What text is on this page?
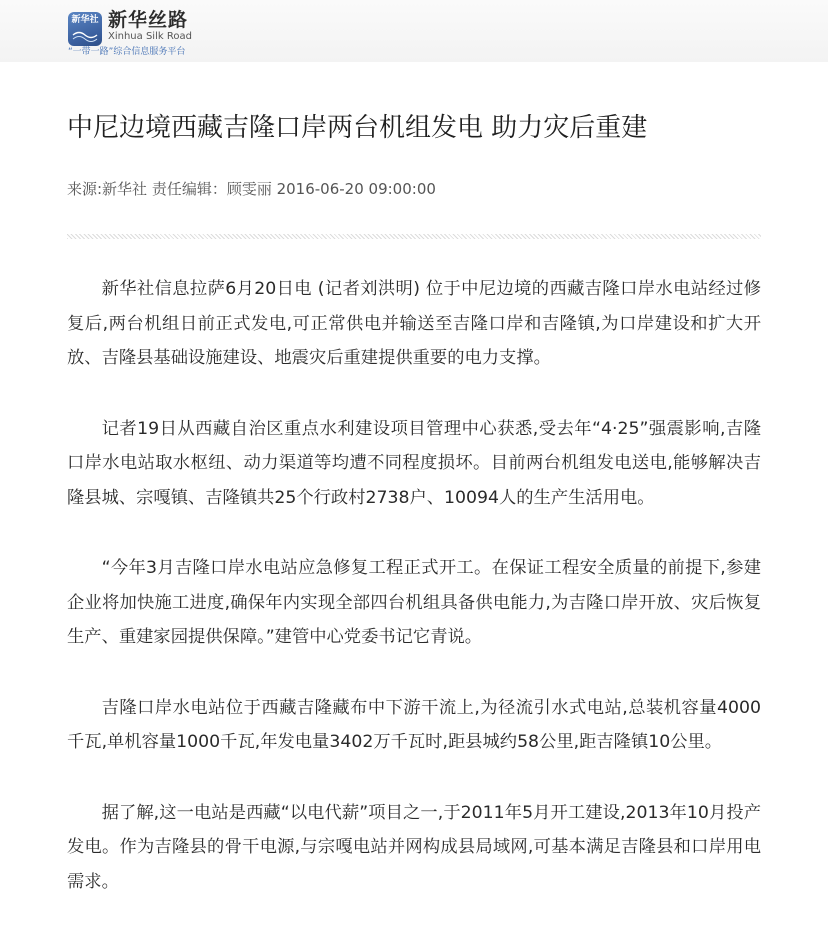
新华社 新华丝路
Xinhua Silk Road
“一带一路”综合信息服务平台
中尼边境西藏吉隆口岸两台机组发电 助力灾后重建
来源:新华社 责任编辑：顾雯丽 2016-06-20 09:00:00

新华社信息拉萨6月20日电 (记者刘洪明) 位于中尼边境的西藏吉隆口岸水电站经过修复后,两台机组日前正式发电,可正常供电并输送至吉隆口岸和吉隆镇,为口岸建设和扩大开放、吉隆县基础设施建设、地震灾后重建提供重要的电力支撑。

记者19日从西藏自治区重点水利建设项目管理中心获悉,受去年“4·25”强震影响,吉隆口岸水电站取水枢纽、动力渠道等均遭不同程度损坏。目前两台机组发电送电,能够解决吉隆县城、宗嘎镇、吉隆镇共25个行政村2738户、10094人的生产生活用电。

“今年3月吉隆口岸水电站应急修复工程正式开工。在保证工程安全质量的前提下,参建企业将加快施工进度,确保年内实现全部四台机组具备供电能力,为吉隆口岸开放、灾后恢复生产、重建家园提供保障。”建管中心党委书记它青说。

吉隆口岸水电站位于西藏吉隆藏布中下游干流上,为径流引水式电站,总装机容量4000千瓦,单机容量1000千瓦,年发电量3402万千瓦时,距县城约58公里,距吉隆镇10公里。

据了解,这一电站是西藏“以电代薪”项目之一,于2011年5月开工建设,2013年10月投产发电。作为吉隆县的骨干电源,与宗嘎电站并网构成县局域网,可基本满足吉隆县和口岸用电需求。
